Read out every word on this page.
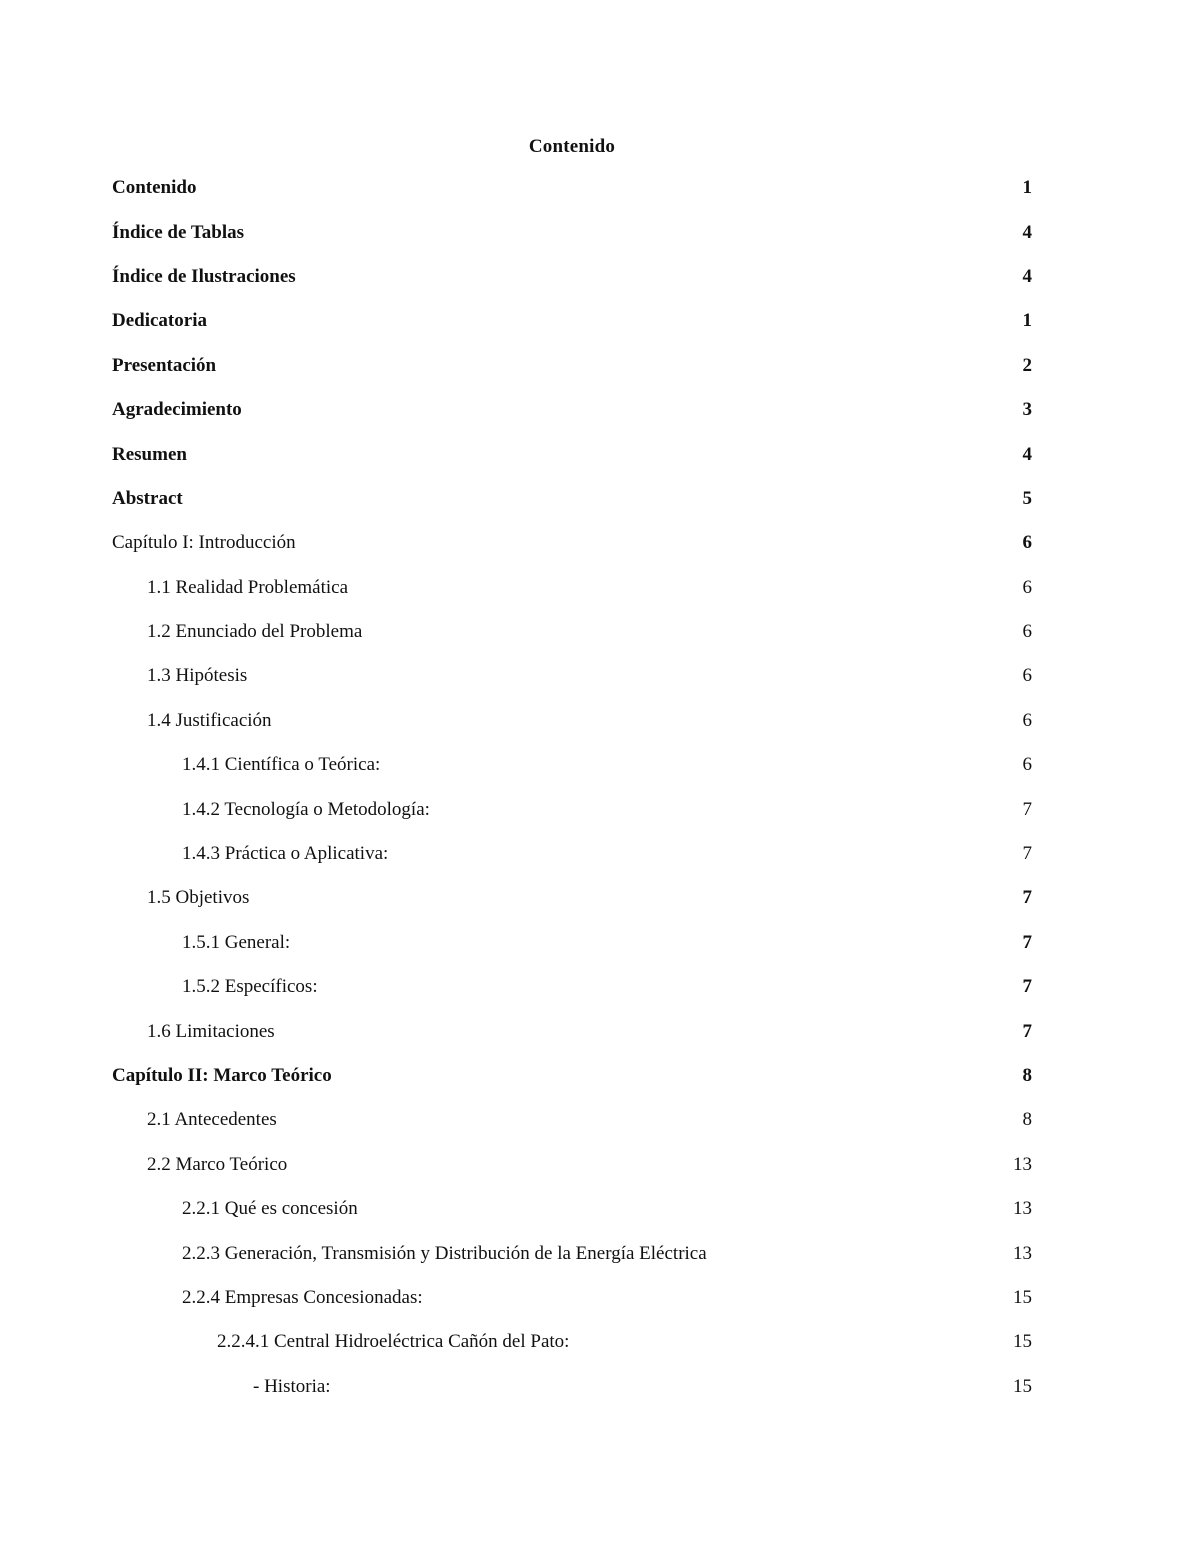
Contenido
Contenido	1
Índice de Tablas	4
Índice de Ilustraciones	4
Dedicatoria	1
Presentación	2
Agradecimiento	3
Resumen	4
Abstract	5
Capítulo I: Introducción	6
1.1 Realidad Problemática	6
1.2 Enunciado del Problema	6
1.3 Hipótesis	6
1.4 Justificación	6
1.4.1 Científica o Teórica:	6
1.4.2 Tecnología o Metodología:	7
1.4.3 Práctica o Aplicativa:	7
1.5 Objetivos	7
1.5.1 General:	7
1.5.2 Específicos:	7
1.6 Limitaciones	7
Capítulo II: Marco Teórico	8
2.1 Antecedentes	8
2.2 Marco Teórico	13
2.2.1 Qué es concesión	13
2.2.3 Generación, Transmisión y Distribución de la Energía Eléctrica	13
2.2.4 Empresas Concesionadas:	15
2.2.4.1 Central Hidroeléctrica Cañón del Pato:	15
- Historia:	15
